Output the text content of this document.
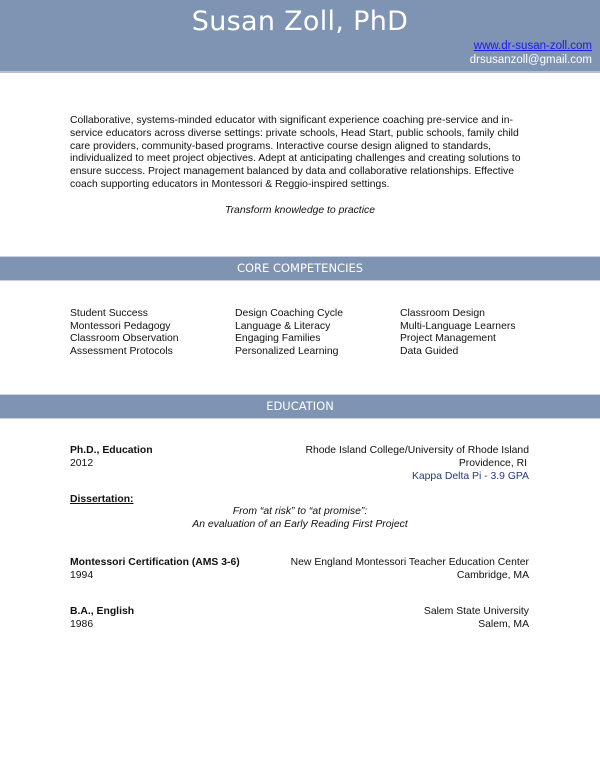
Susan Zoll, PhD
www.dr-susan-zoll.com
drsusanzoll@gmail.com
Collaborative, systems-minded educator with significant experience coaching pre-service and in-service educators across diverse settings: private schools, Head Start, public schools, family child care providers, community-based programs. Interactive course design aligned to standards, individualized to meet project objectives. Adept at anticipating challenges and creating solutions to ensure success. Project management balanced by data and collaborative relationships. Effective coach supporting educators in Montessori & Reggio-inspired settings.
Transform knowledge to practice
CORE COMPETENCIES
Student Success
Montessori Pedagogy
Classroom Observation
Assessment Protocols
Design Coaching Cycle
Language & Literacy
Engaging Families
Personalized Learning
Classroom Design
Multi-Language Learners
Project Management
Data Guided
EDUCATION
Ph.D., Education
2012
Rhode Island College/University of Rhode Island
Providence, RI
Kappa Delta Pi - 3.9 GPA
Dissertation:
From “at risk” to “at promise”:
An evaluation of an Early Reading First Project
Montessori Certification (AMS 3-6)
1994
New England Montessori Teacher Education Center
Cambridge, MA
B.A., English
1986
Salem State University
Salem, MA
